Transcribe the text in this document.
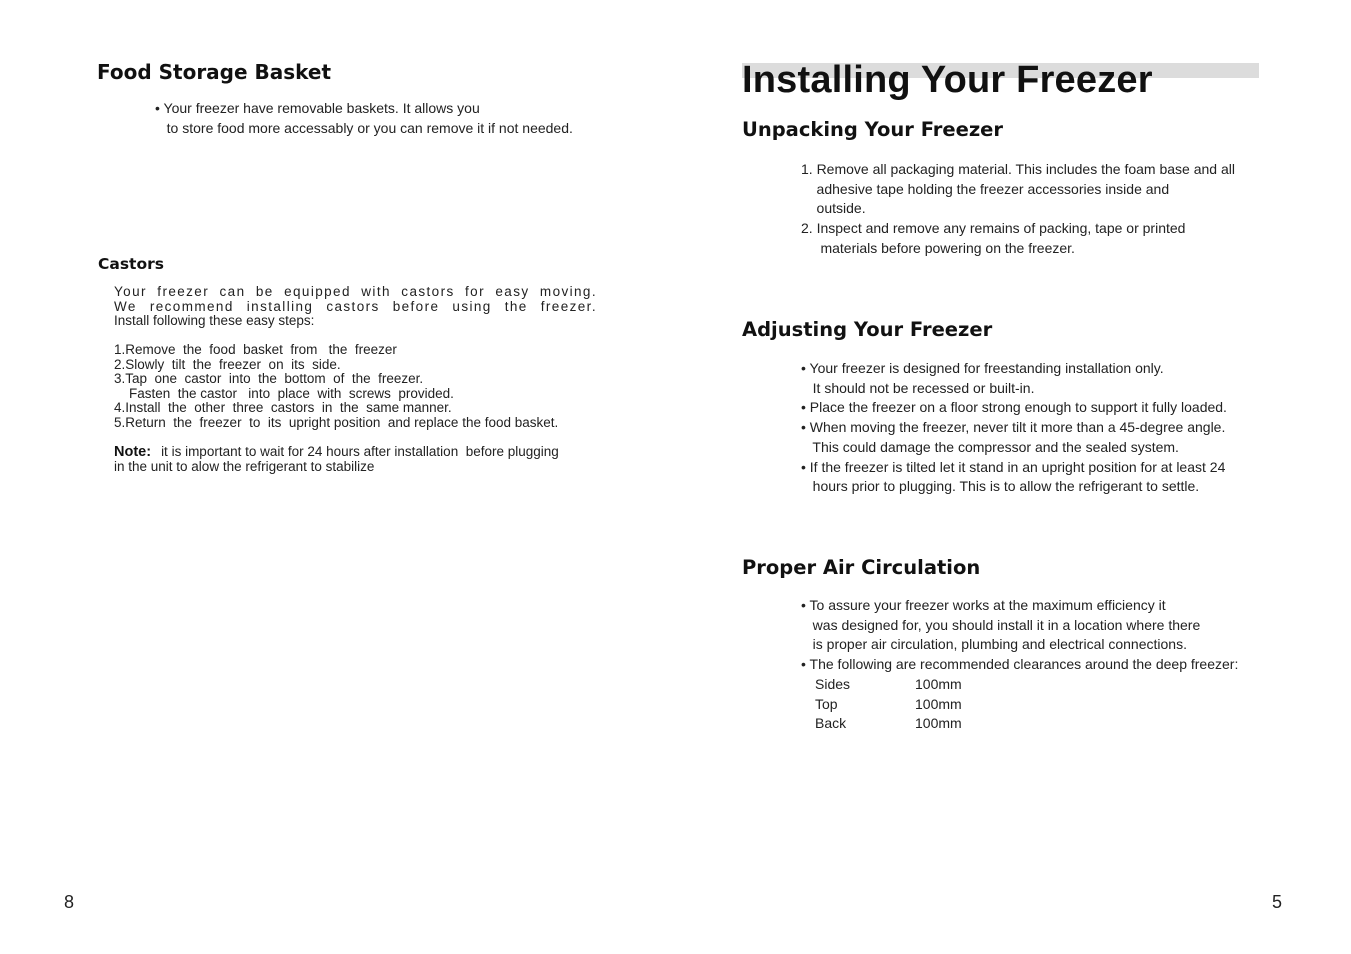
Food Storage Basket
• Your freezer have removable baskets. It allows you
to store food more accessably or you can remove it if not needed.
Castors
Your freezer can be equipped with castors for easy moving.
We recommend installing castors before using the freezer.
Install following these easy steps:
1.Remove  the  food  basket  from   the  freezer
2.Slowly  tilt  the  freezer  on  its  side.
3.Tap  one  castor  into  the  bottom  of  the  freezer.
Fasten  the castor   into  place  with  screws  provided.
4.Install  the  other  three  castors  in  the  same manner.
5.Return  the  freezer  to  its  upright position  and replace the food basket.
Note: it is important to wait for 24 hours after installation  before plugging
in the unit to alow the refrigerant to stabilize
8
Installing Your Freezer
Unpacking Your Freezer
1. Remove all packaging material. This includes the foam base and all
adhesive tape holding the freezer accessories inside and
outside.
2. Inspect and remove any remains of packing, tape or printed
materials before powering on the freezer.
Adjusting Your Freezer
• Your freezer is designed for freestanding installation only.
It should not be recessed or built-in.
• Place the freezer on a floor strong enough to support it fully loaded.
• When moving the freezer, never tilt it more than a 45-degree angle.
This could damage the compressor and the sealed system.
• If the freezer is tilted let it stand in an upright position for at least 24
hours prior to plugging. This is to allow the refrigerant to settle.
Proper Air Circulation
• To assure your freezer works at the maximum efficiency it
was designed for, you should install it in a location where there
is proper air circulation, plumbing and electrical connections.
• The following are recommended clearances around the deep freezer:
Sides	100mm
Top	100mm
Back	100mm
5
